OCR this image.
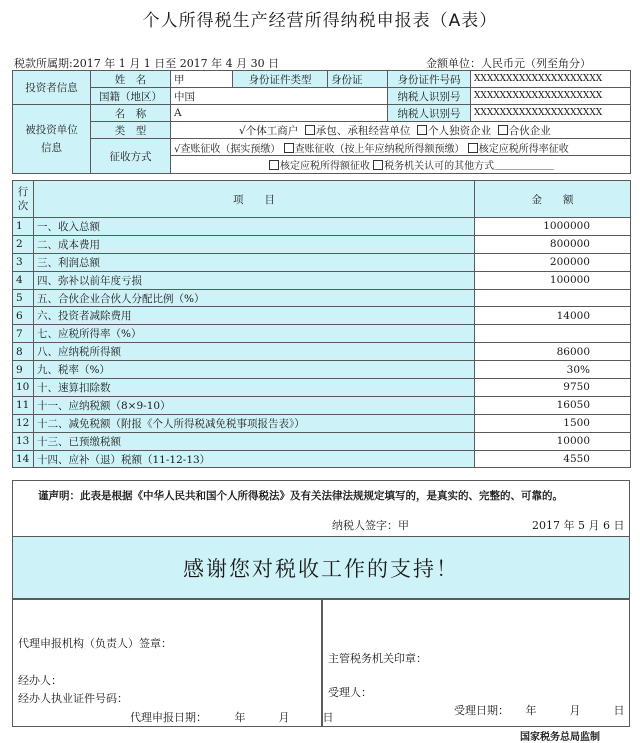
个人所得税生产经营所得纳税申报表（A表）
税款所属期:2017 年 1 月 1 日至 2017 年 4 月 30 日	金额单位：人民币元（列至角分）
投资者信息	姓　名	甲	身份证件类型	身份证	身份证件号码	XXXXXXXXXXXXXXXXXXXX
	国籍（地区）	中国			纳税人识别号	XXXXXXXXXXXXXXXXXXXX

被投资单位
信息	名　称	A			纳税人识别号	XXXXXXXXXXXXXXXXXXXX
	类　型	√个体工商户 承包、承租经营单位 个人独资企业 合伙企业				
	征收方式	√查账征收（据实预缴） 查账征收（按上年应纳税所得额预缴） 核定应税所得率征收				
		核定应税所得额征收 税务机关认可的其他方式＿＿＿＿＿＿				
行
次	项　　目	金　　额
1	一、收入总额	1000000
2	二、成本费用	800000
3	三、利润总额	200000
4	四、弥补以前年度亏损	100000
5	五、合伙企业合伙人分配比例（%）	
6	六、投资者减除费用	14000
7	七、应税所得率（%）	
8	八、应纳税所得额	86000
9	九、税率（%）	30%
10	十、速算扣除数	9750
11	十一、应纳税额（8×9-10）	16050
12	十二、减免税额（附报《个人所得税减免税事项报告表》）	1500
13	十三、已预缴税额	10000
14	十四、应补（退）税额（11-12-13）	4550
谨声明：此表是根据《中华人民共和国个人所得税法》及有关法律法规规定填写的，是真实的、完整的、可靠的。
纳税人签字：甲	2017 年 5 月 6 日
感谢您对税收工作的支持！
代理申报机构（负责人）签章：
经办人：
经办人执业证件号码：
代理申报日期：　　　	年　　　月　　　日
主管税务机关印章：
受理人：
受理日期：　　 年　　　月　　　日
国家税务总局监制
